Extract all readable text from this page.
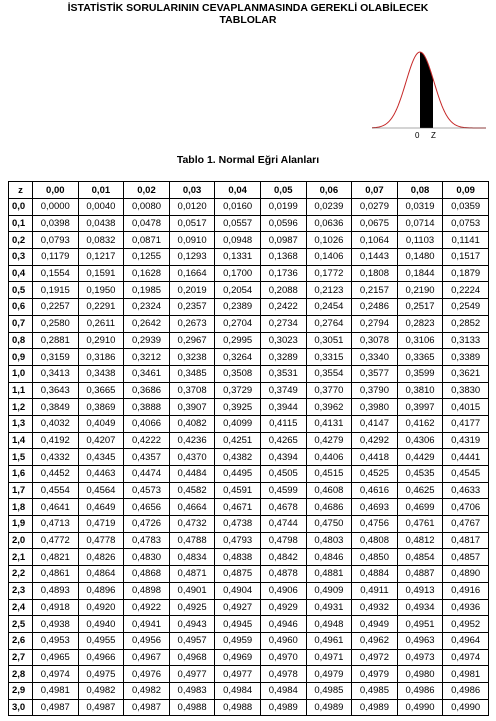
İSTATİSTİK SORULARININ CEVAPLANMASINDA GEREKLİ OLABİLECEK
TABLOLAR
0 Z
Tablo 1. Normal Eğri Alanları
z	0,00	0,01	0,02	0,03	0,04	0,05	0,06	0,07	0,08	0,09
0,0	0,0000	0,0040	0,0080	0,0120	0,0160	0,0199	0,0239	0,0279	0,0319	0,0359
0,1	0,0398	0,0438	0,0478	0,0517	0,0557	0,0596	0,0636	0,0675	0,0714	0,0753
0,2	0,0793	0,0832	0,0871	0,0910	0,0948	0,0987	0,1026	0,1064	0,1103	0,1141
0,3	0,1179	0,1217	0,1255	0,1293	0,1331	0,1368	0,1406	0,1443	0,1480	0,1517
0,4	0,1554	0,1591	0,1628	0,1664	0,1700	0,1736	0,1772	0,1808	0,1844	0,1879
0,5	0,1915	0,1950	0,1985	0,2019	0,2054	0,2088	0,2123	0,2157	0,2190	0,2224
0,6	0,2257	0,2291	0,2324	0,2357	0,2389	0,2422	0,2454	0,2486	0,2517	0,2549
0,7	0,2580	0,2611	0,2642	0,2673	0,2704	0,2734	0,2764	0,2794	0,2823	0,2852
0,8	0,2881	0,2910	0,2939	0,2967	0,2995	0,3023	0,3051	0,3078	0,3106	0,3133
0,9	0,3159	0,3186	0,3212	0,3238	0,3264	0,3289	0,3315	0,3340	0,3365	0,3389
1,0	0,3413	0,3438	0,3461	0,3485	0,3508	0,3531	0,3554	0,3577	0,3599	0,3621
1,1	0,3643	0,3665	0,3686	0,3708	0,3729	0,3749	0,3770	0,3790	0,3810	0,3830
1,2	0,3849	0,3869	0,3888	0,3907	0,3925	0,3944	0,3962	0,3980	0,3997	0,4015
1,3	0,4032	0,4049	0,4066	0,4082	0,4099	0,4115	0,4131	0,4147	0,4162	0,4177
1,4	0,4192	0,4207	0,4222	0,4236	0,4251	0,4265	0,4279	0,4292	0,4306	0,4319
1,5	0,4332	0,4345	0,4357	0,4370	0,4382	0,4394	0,4406	0,4418	0,4429	0,4441
1,6	0,4452	0,4463	0,4474	0,4484	0,4495	0,4505	0,4515	0,4525	0,4535	0,4545
1,7	0,4554	0,4564	0,4573	0,4582	0,4591	0,4599	0,4608	0,4616	0,4625	0,4633
1,8	0,4641	0,4649	0,4656	0,4664	0,4671	0,4678	0,4686	0,4693	0,4699	0,4706
1,9	0,4713	0,4719	0,4726	0,4732	0,4738	0,4744	0,4750	0,4756	0,4761	0,4767
2,0	0,4772	0,4778	0,4783	0,4788	0,4793	0,4798	0,4803	0,4808	0,4812	0,4817
2,1	0,4821	0,4826	0,4830	0,4834	0,4838	0,4842	0,4846	0,4850	0,4854	0,4857
2,2	0,4861	0,4864	0,4868	0,4871	0,4875	0,4878	0,4881	0,4884	0,4887	0,4890
2,3	0,4893	0,4896	0,4898	0,4901	0,4904	0,4906	0,4909	0,4911	0,4913	0,4916
2,4	0,4918	0,4920	0,4922	0,4925	0,4927	0,4929	0,4931	0,4932	0,4934	0,4936
2,5	0,4938	0,4940	0,4941	0,4943	0,4945	0,4946	0,4948	0,4949	0,4951	0,4952
2,6	0,4953	0,4955	0,4956	0,4957	0,4959	0,4960	0,4961	0,4962	0,4963	0,4964
2,7	0,4965	0,4966	0,4967	0,4968	0,4969	0,4970	0,4971	0,4972	0,4973	0,4974
2,8	0,4974	0,4975	0,4976	0,4977	0,4977	0,4978	0,4979	0,4979	0,4980	0,4981
2,9	0,4981	0,4982	0,4982	0,4983	0,4984	0,4984	0,4985	0,4985	0,4986	0,4986
3,0	0,4987	0,4987	0,4987	0,4988	0,4988	0,4989	0,4989	0,4989	0,4990	0,4990
